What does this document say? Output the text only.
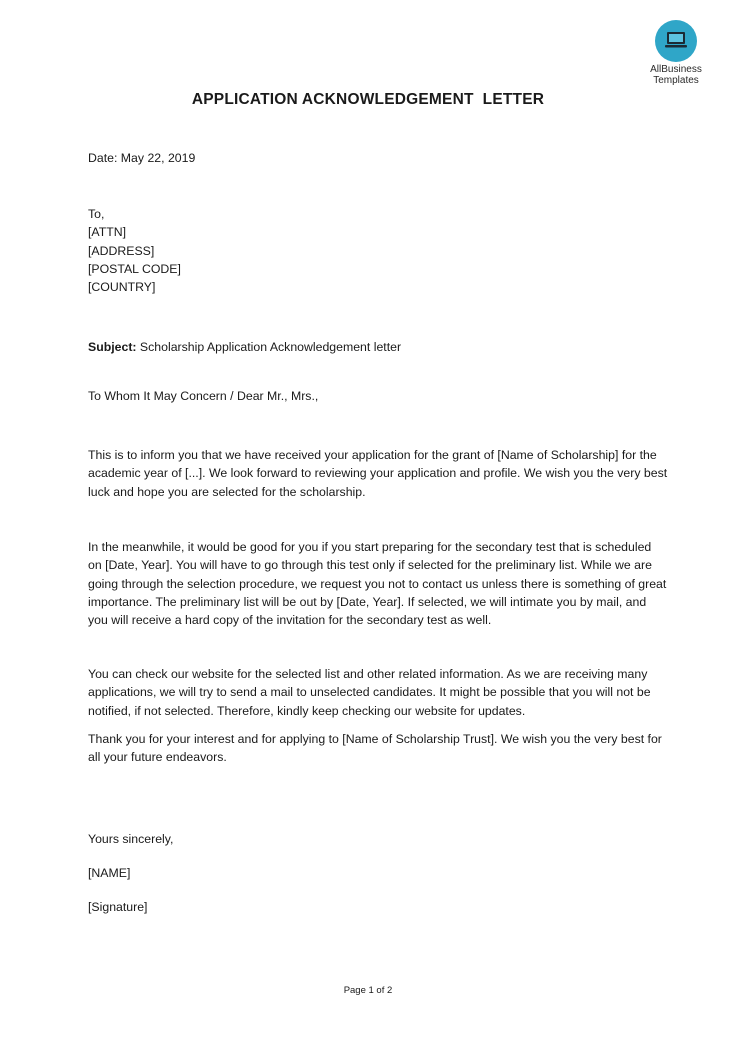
AllBusiness
Templates
APPLICATION ACKNOWLEDGEMENT  LETTER
Date: May 22, 2019
To,
[ATTN]
[ADDRESS]
[POSTAL CODE]
[COUNTRY]
Subject: Scholarship Application Acknowledgement letter
To Whom It May Concern / Dear Mr., Mrs.,
This is to inform you that we have received your application for the grant of [Name of Scholarship] for the academic year of [...]. We look forward to reviewing your application and profile. We wish you the very best luck and hope you are selected for the scholarship.
In the meanwhile, it would be good for you if you start preparing for the secondary test that is scheduled on [Date, Year]. You will have to go through this test only if selected for the preliminary list. While we are going through the selection procedure, we request you not to contact us unless there is something of great importance. The preliminary list will be out by [Date, Year]. If selected, we will intimate you by mail, and you will receive a hard copy of the invitation for the secondary test as well.
You can check our website for the selected list and other related information. As we are receiving many applications, we will try to send a mail to unselected candidates. It might be possible that you will not be notified, if not selected. Therefore, kindly keep checking our website for updates.
Thank you for your interest and for applying to [Name of Scholarship Trust]. We wish you the very best for all your future endeavors.
Yours sincerely,
[NAME]
[Signature]
Page 1 of 2
